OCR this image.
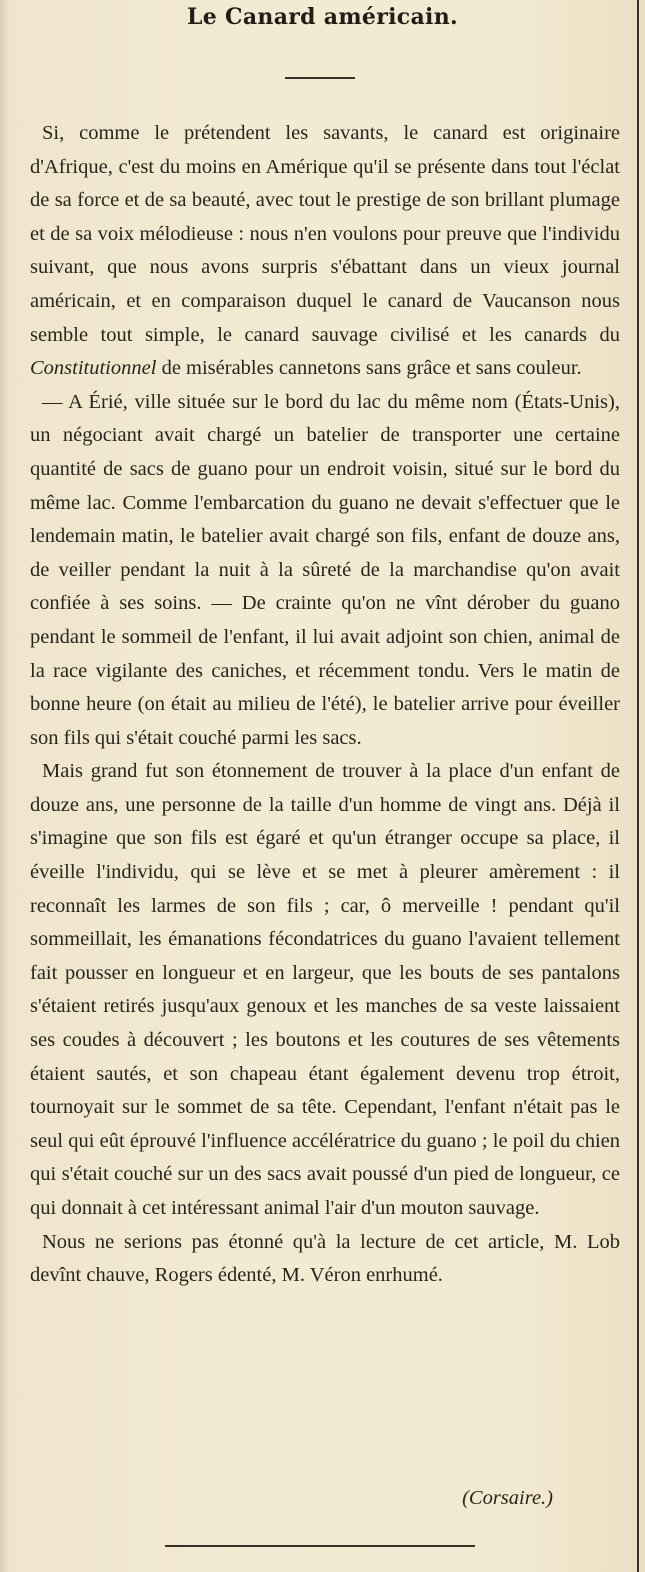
Le Canard américain.

Si, comme le prétendent les savants, le canard est originaire d'Afrique, c'est du moins en Amérique qu'il se présente dans tout l'éclat de sa force et de sa beauté, avec tout le prestige de son brillant plumage et de sa voix mélodieuse : nous n'en voulons pour preuve que l'individu suivant, que nous avons surpris s'ébattant dans un vieux journal américain, et en comparaison duquel le canard de Vaucanson nous semble tout simple, le canard sauvage civilisé et les canards du Constitutionnel de misérables cannetons sans grâce et sans couleur.

— A Érié, ville située sur le bord du lac du même nom (États-Unis), un négociant avait chargé un batelier de transporter une certaine quantité de sacs de guano pour un endroit voisin, situé sur le bord du même lac. Comme l'embarcation du guano ne devait s'effectuer que le lendemain matin, le batelier avait chargé son fils, enfant de douze ans, de veiller pendant la nuit à la sûreté de la marchandise qu'on avait confiée à ses soins. — De crainte qu'on ne vînt dérober du guano pendant le sommeil de l'enfant, il lui avait adjoint son chien, animal de la race vigilante des caniches, et récemment tondu. Vers le matin de bonne heure (on était au milieu de l'été), le batelier arrive pour éveiller son fils qui s'était couché parmi les sacs.

Mais grand fut son étonnement de trouver à la place d'un enfant de douze ans, une personne de la taille d'un homme de vingt ans. Déjà il s'imagine que son fils est égaré et qu'un étranger occupe sa place, il éveille l'individu, qui se lève et se met à pleurer amèrement : il reconnaît les larmes de son fils ; car, ô merveille ! pendant qu'il sommeillait, les émanations fécondatrices du guano l'avaient tellement fait pousser en longueur et en largeur, que les bouts de ses pantalons s'étaient retirés jusqu'aux genoux et les manches de sa veste laissaient ses coudes à découvert ; les boutons et les coutures de ses vêtements étaient sautés, et son chapeau étant également devenu trop étroit, tournoyait sur le sommet de sa tête. Cependant, l'enfant n'était pas le seul qui eût éprouvé l'influence accélératrice du guano ; le poil du chien qui s'était couché sur un des sacs avait poussé d'un pied de longueur, ce qui donnait à cet intéressant animal l'air d'un mouton sauvage.

Nous ne serions pas étonné qu'à la lecture de cet article, M. Lob devînt chauve, Rogers édenté, M. Véron enrhumé.

(Corsaire.)
